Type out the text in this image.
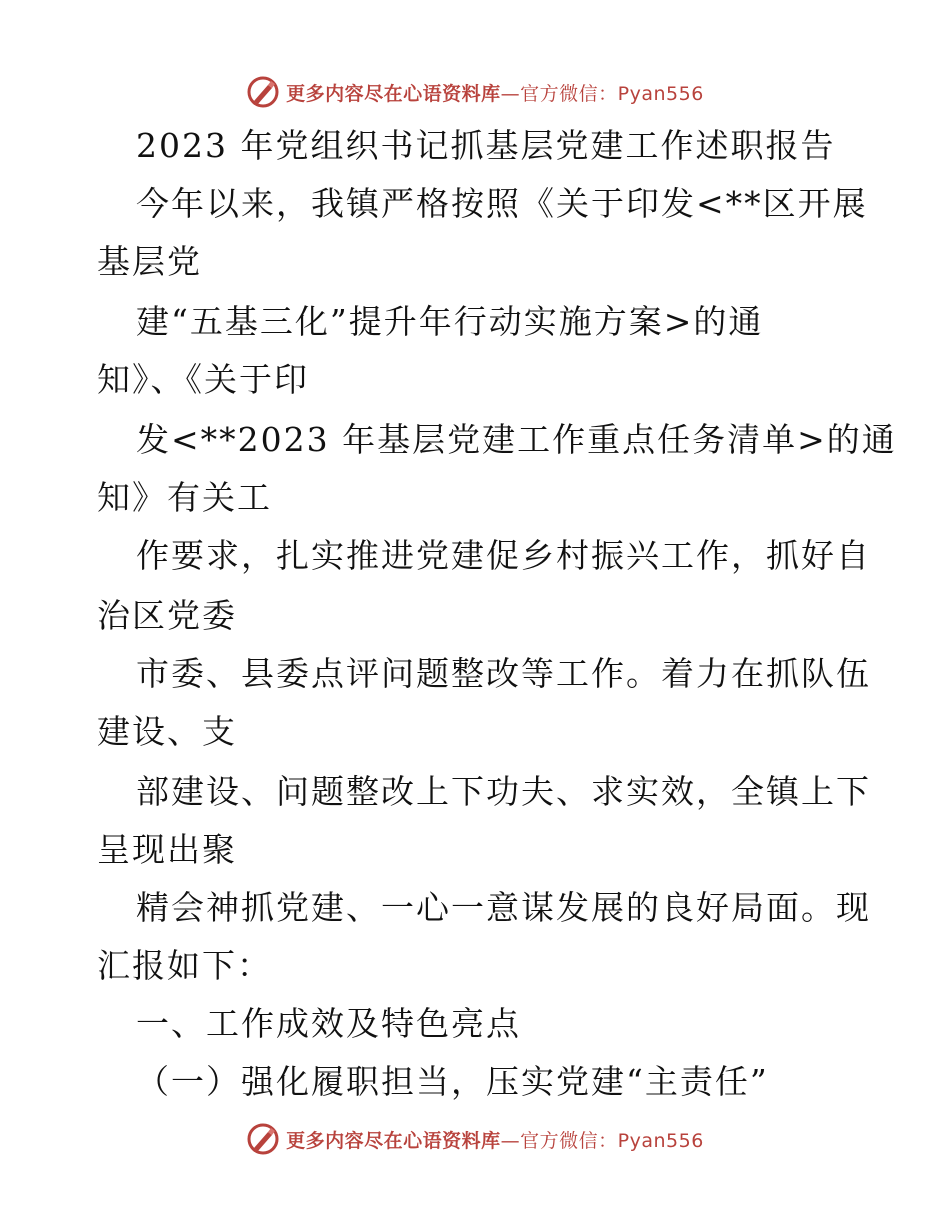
更多内容尽在心语资料库—官方微信：Pyan556
2023 年党组织书记抓基层党建工作述职报告
今年以来，我镇严格按照《关于印发<**区开展
基层党
建“五基三化”提升年行动实施方案>的通
知》、《关于印
发<**2023 年基层党建工作重点任务清单>的通
知》有关工
作要求，扎实推进党建促乡村振兴工作，抓好自
治区党委
市委、县委点评问题整改等工作。着力在抓队伍
建设、支
部建设、问题整改上下功夫、求实效，全镇上下
呈现出聚
精会神抓党建、一心一意谋发展的良好局面。现
汇报如下：
一、工作成效及特色亮点
（一）强化履职担当，压实党建“主责任”
更多内容尽在心语资料库—官方微信：Pyan556
